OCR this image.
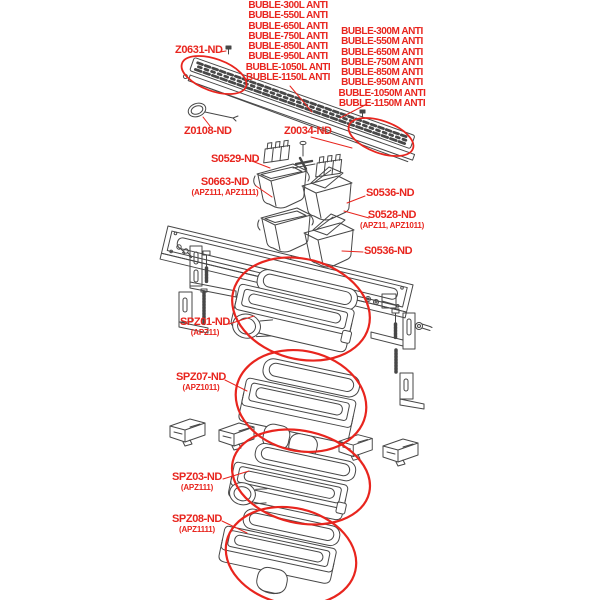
BUBLE-300L ANTI
BUBLE-550L ANTI
BUBLE-650L ANTI
BUBLE-750L ANTI
BUBLE-850L ANTI
BUBLE-950L ANTI
BUBLE-1050L ANTI
BUBLE-1150L ANTI
BUBLE-300M ANTI
BUBLE-550M ANTI
BUBLE-650M ANTI
BUBLE-750M ANTI
BUBLE-850M ANTI
BUBLE-950M ANTI
BUBLE-1050M ANTI
BUBLE-1150M ANTI
Z0631-ND
Z0108-ND	Z0034-ND
S0529-ND
S0663-ND
(APZ111, APZ1111)	S0536-ND
S0528-ND
(APZ11, APZ1011)
S0536-ND
SPZ01-ND
(APZ11)
SPZ07-ND
(APZ1011)
SPZ03-ND
(APZ111)
SPZ08-ND
(APZ1111)
